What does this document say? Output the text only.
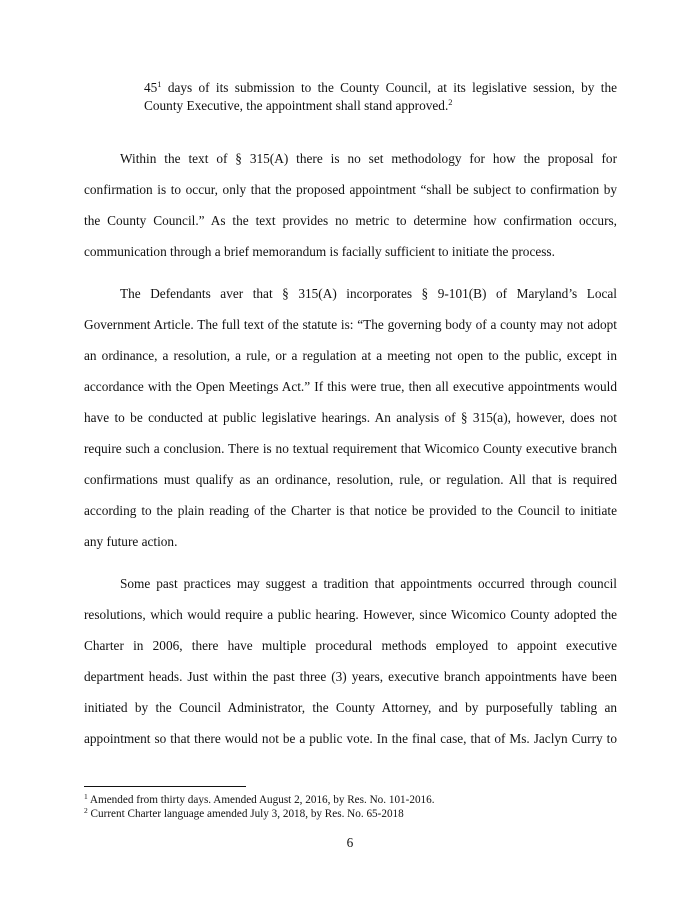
$45^1$ days of its submission to the County Council, at its legislative session, by the
County Executive, the appointment shall stand approved.$^2$
Within the text of § 315(A) there is no set methodology for how the proposal for
confirmation is to occur, only that the proposed appointment “shall be subject to confirmation by
the County Council.” As the text provides no metric to determine how confirmation occurs,
communication through a brief memorandum is facially sufficient to initiate the process.
The Defendants aver that § 315(A) incorporates § 9-101(B) of Maryland’s Local
Government Article. The full text of the statute is: “The governing body of a county may not adopt
an ordinance, a resolution, a rule, or a regulation at a meeting not open to the public, except in
accordance with the Open Meetings Act.” If this were true, then all executive appointments would
have to be conducted at public legislative hearings. An analysis of § 315(a), however, does not
require such a conclusion. There is no textual requirement that Wicomico County executive branch
confirmations must qualify as an ordinance, resolution, rule, or regulation. All that is required
according to the plain reading of the Charter is that notice be provided to the Council to initiate
any future action.
Some past practices may suggest a tradition that appointments occurred through council
resolutions, which would require a public hearing. However, since Wicomico County adopted the
Charter in 2006, there have multiple procedural methods employed to appoint executive
department heads. Just within the past three (3) years, executive branch appointments have been
initiated by the Council Administrator, the County Attorney, and by purposefully tabling an
appointment so that there would not be a public vote. In the final case, that of Ms. Jaclyn Curry to
$^1$ Amended from thirty days. Amended August 2, 2016, by Res. No. 101-2016.
$^2$ Current Charter language amended July 3, 2018, by Res. No. 65-2018
6
